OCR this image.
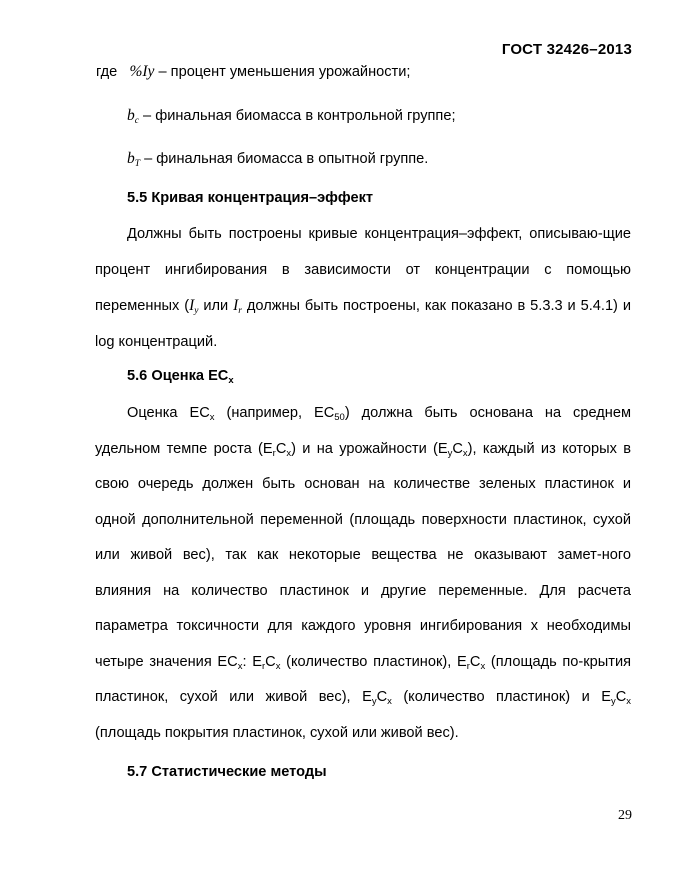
ГОСТ 32426–2013
где %Iy – процент уменьшения урожайности;
$b_c$ – финальная биомасса в контрольной группе;
$b_T$ – финальная биомасса в опытной группе.
5.5 Кривая концентрация–эффект
Должны быть построены кривые концентрация–эффект, описываю-щие процент ингибирования в зависимости от концентрации с помощью переменных ($I_y$ или $I_r$ должны быть построены, как показано в 5.3.3 и 5.4.1) и log концентраций.
5.6 Оценка $EC_x$
Оценка $EC_x$ (например, $EC_{50}$) должна быть основана на среднем удельном темпе роста $(E_rC_x)$ и на урожайности $(E_yC_x)$, каждый из которых в свою очередь должен быть основан на количестве зеленых пластинок и одной дополнительной переменной (площадь поверхности пластинок, сухой или живой вес), так как некоторые вещества не оказывают замет-ного влияния на количество пластинок и другие переменные. Для расчета параметра токсичности для каждого уровня ингибирования x необходимы четыре значения $EC_x$: $E_rC_x$ (количество пластинок), $E_rC_x$ (площадь по-крытия пластинок, сухой или живой вес), $E_yC_x$ (количество пластинок) и $E_yC_x$ (площадь покрытия пластинок, сухой или живой вес).
5.7 Статистические методы
29
